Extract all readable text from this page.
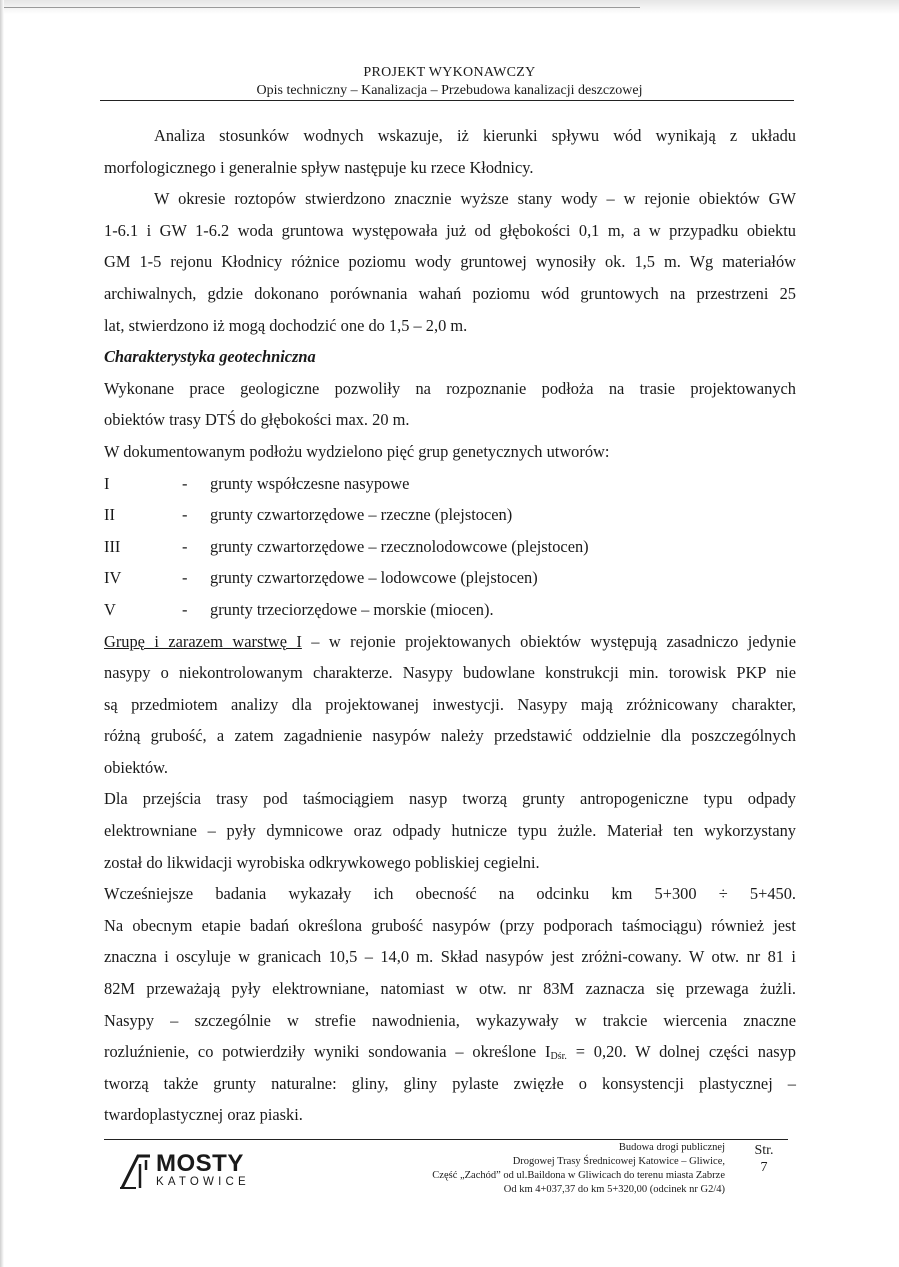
PROJEKT WYKONAWCZY
Opis techniczny – Kanalizacja – Przebudowa kanalizacji deszczowej
Analiza stosunków wodnych wskazuje, iż kierunki spływu wód wynikają z układu
morfologicznego i generalnie spływ następuje ku rzece Kłodnicy.
W okresie roztopów stwierdzono znacznie wyższe stany wody – w rejonie obiektów GW
1-6.1 i GW 1-6.2 woda gruntowa występowała już od głębokości 0,1 m, a w przypadku obiektu
GM 1-5 rejonu Kłodnicy różnice poziomu wody gruntowej wynosiły ok. 1,5 m. Wg materiałów
archiwalnych, gdzie dokonano porównania wahań poziomu wód gruntowych na przestrzeni 25
lat, stwierdzono iż mogą dochodzić one do 1,5 – 2,0 m.
Charakterystyka geotechniczna
Wykonane prace geologiczne pozwoliły na rozpoznanie podłoża na trasie projektowanych
obiektów trasy DTŚ do głębokości max. 20 m.
W dokumentowanym podłożu wydzielono pięć grup genetycznych utworów:
I	-	grunty współczesne nasypowe
II	-	grunty czwartorzędowe – rzeczne (plejstocen)
III	-	grunty czwartorzędowe – rzecznolodowcowe (plejstocen)
IV	-	grunty czwartorzędowe – lodowcowe (plejstocen)
V	-	grunty trzeciorzędowe – morskie (miocen).
Grupę i zarazem warstwę I – w rejonie projektowanych obiektów występują zasadniczo jedynie
nasypy o niekontrolowanym charakterze. Nasypy budowlane konstrukcji min. torowisk PKP nie
są przedmiotem analizy dla projektowanej inwestycji. Nasypy mają zróżnicowany charakter,
różną grubość, a zatem zagadnienie nasypów należy przedstawić oddzielnie dla poszczególnych
obiektów.
Dla przejścia trasy pod taśmociągiem nasyp tworzą grunty antropogeniczne typu odpady
elektrowniane – pyły dymnicowe oraz odpady hutnicze typu żużle. Materiał ten wykorzystany
został do likwidacji wyrobiska odkrywkowego pobliskiej cegielni.
Wcześniejsze badania wykazały ich obecność na odcinku km 5+300 ÷ 5+450.
Na obecnym etapie badań określona grubość nasypów (przy podporach taśmociągu) również jest
znaczna i oscyluje w granicach 10,5 – 14,0 m. Skład nasypów jest zróżni-cowany. W otw. nr 81 i
82M przeważają pyły elektrowniane, natomiast w otw. nr 83M zaznacza się przewaga żużli.
Nasypy – szczególnie w strefie nawodnienia, wykazywały w trakcie wiercenia znaczne
rozluźnienie, co potwierdziły wyniki sondowania – określone $I_{Dśr.} = 0,20$. W dolnej części nasyp
tworzą także grunty naturalne: gliny, gliny pylaste zwięzłe o konsystencji plastycznej –
twardoplastycznej oraz piaski.
MOSTY
KATOWICE
Budowa drogi publicznej
Drogowej Trasy Średnicowej Katowice – Gliwice,
Część „Zachód” od ul.Baildona w Gliwicach do terenu miasta Zabrze
Od km 4+037,37 do km 5+320,00 (odcinek nr G2/4)
Str.
7
